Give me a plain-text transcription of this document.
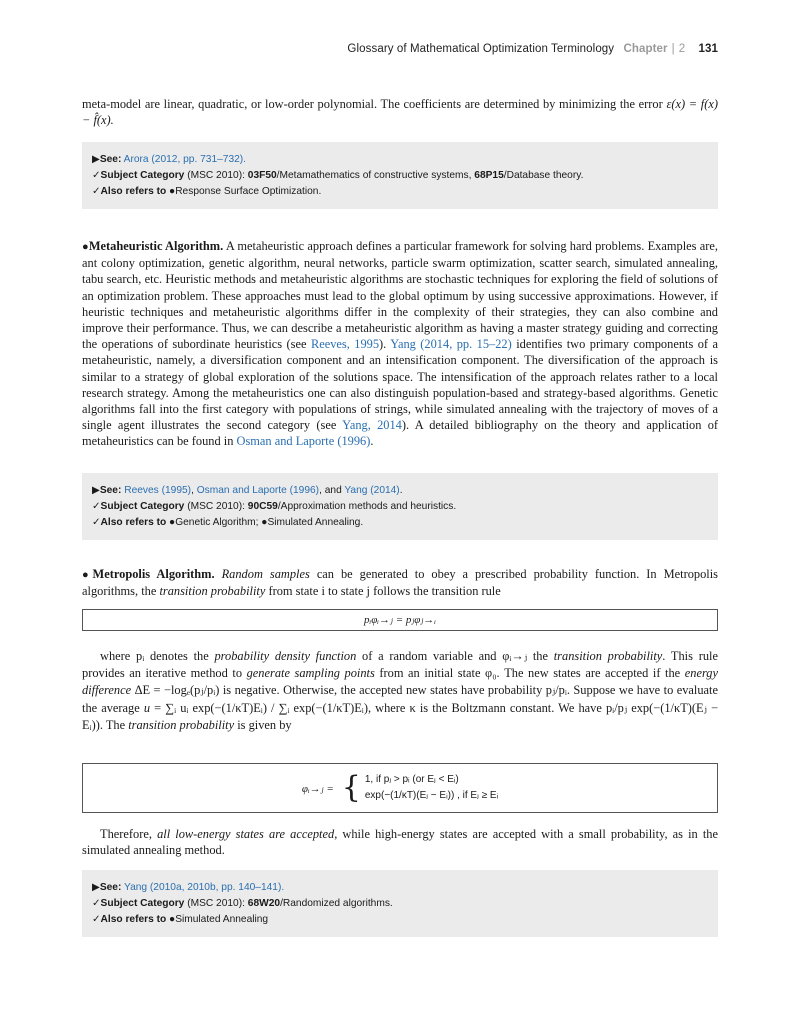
Glossary of Mathematical Optimization Terminology Chapter | 2 131
meta-model are linear, quadratic, or low-order polynomial. The coefficients are determined by minimizing the error ε(x) = f(x) − f̂(x).
▶See: Arora (2012, pp. 731–732).
✓Subject Category (MSC 2010): 03F50/Metamathematics of constructive systems, 68P15/Database theory.
✓Also refers to ●Response Surface Optimization.
●Metaheuristic Algorithm. A metaheuristic approach defines a particular framework for solving hard problems. Examples are, ant colony optimization, genetic algorithm, neural networks, particle swarm optimization, scatter search, simulated annealing, tabu search, etc. Heuristic methods and metaheuristic algorithms are stochastic techniques for exploring the field of solutions of an optimization problem. These approaches must lead to the global optimum by using successive approximations. However, if heuristic techniques and metaheuristic algorithms differ in the complexity of their strategies, they can also combine and improve their performance. Thus, we can describe a metaheuristic algorithm as having a master strategy guiding and correcting the operations of subordinate heuristics (see Reeves, 1995). Yang (2014, pp. 15–22) identifies two primary components of a metaheuristic, namely, a diversification component and an intensification component. The diversification of the approach is similar to a strategy of global exploration of the solutions space. The intensification of the approach relates rather to a local research strategy. Among the metaheuristics one can also distinguish population-based and strategy-based algorithms. Genetic algorithms fall into the first category with populations of strings, while simulated annealing with the trajectory of moves of a single agent illustrates the second category (see Yang, 2014). A detailed bibliography on the theory and application of metaheuristics can be found in Osman and Laporte (1996).
▶See: Reeves (1995), Osman and Laporte (1996), and Yang (2014).
✓Subject Category (MSC 2010): 90C59/Approximation methods and heuristics.
✓Also refers to ●Genetic Algorithm; ●Simulated Annealing.
●Metropolis Algorithm. Random samples can be generated to obey a prescribed probability function. In Metropolis algorithms, the transition probability from state i to state j follows the transition rule
pᵢφᵢ→ⱼ = pⱼφⱼ→ᵢ
where pᵢ denotes the probability density function of a random variable and φᵢ→ⱼ the transition probability. This rule provides an iterative method to generate sampling points from an initial state φ₀. The new states are accepted if the energy difference ΔE = −logₑ(pⱼ/pᵢ) is negative. Otherwise, the accepted new states have probability pⱼ/pᵢ. Suppose we have to evaluate the average u = ∑ᵢ uᵢ exp(−(1/κT)Eᵢ) / ∑ᵢ exp(−(1/κT)Eᵢ), where κ is the Boltzmann constant. We have pᵢ/pⱼ exp(−(1/κT)(Eⱼ − Eᵢ)). The transition probability is given by
φᵢ→ⱼ = { 1, if pⱼ > pᵢ (or Eⱼ < Eᵢ)
exp(−(1/κT)(Eⱼ − Eᵢ)) , if Eⱼ ≥ Eᵢ
Therefore, all low-energy states are accepted, while high-energy states are accepted with a small probability, as in the simulated annealing method.
▶See: Yang (2010a, 2010b, pp. 140–141).
✓Subject Category (MSC 2010): 68W20/Randomized algorithms.
✓Also refers to ●Simulated Annealing
